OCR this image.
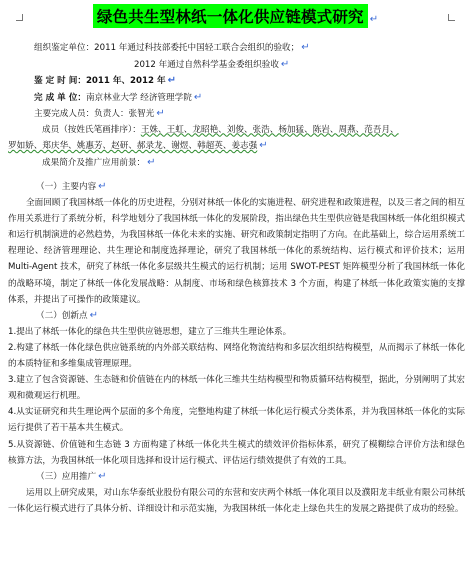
绿色共生型林纸一体化供应链模式研究 ↵
组织鉴定单位：2011 年通过科技部委托中国轻工联合会组织的验收； ↵
2012 年通过自然科学基金委组织验收 ↵
鉴 定 时 间：2011 年、2012 年 ↵
完 成 单 位：南京林业大学 经济管理学院 ↵
主要完成人员：负责人：张智光 ↵
成员（按姓氏笔画排序）：王姝、王虹、龙昭艳、刘俊、张浩、杨加猛、陈岩、周燕、范吾月、
罗如娇、郑庆华、姚惠芳、赵研、郝录龙、谢煜、韩超英、姜志强 ↵
成果简介及推广应用前景： ↵
（一）主要内容 ↵
全面回顾了我国林纸一体化的历史进程，分别对林纸一体化的实施进程、研究进程和政策进程，以及三者之间的相互作用关系进行了系统分析，科学地划分了我国林纸一体化的发展阶段，指出绿色共生型供应链是我国林纸一体化组织模式和运行机制演进的必然趋势，为我国林纸一体化未来的实施、研究和政策制定指明了方向。在此基础上，综合运用系统工程理论、经济管理理论、共生理论和制度选择理论，研究了我国林纸一体化的系统结构、运行模式和评价技术；运用 Multi-Agent 技术，研究了林纸一体化多层级共生模式的运行机制；运用 SWOT-PEST 矩阵模型分析了我国林纸一体化的战略环境，制定了林纸一体化发展战略：从制度、市场和绿色核算技术 3 个方面，构建了林纸一体化政策实施的支撑体系，并提出了可操作的政策建议。
（二）创新点 ↵
1.提出了林纸一体化的绿色共生型供应链思想，建立了三维共生理论体系。
2.构建了林纸一体化绿色供应链系统的内外部关联结构、网络化物流结构和多层次组织结构模型，从而揭示了林纸一体化的本质特征和多维集成管理原理。
3.建立了包含资源链、生态链和价值链在内的林纸一体化三维共生结构模型和物质循环结构模型，据此，分别阐明了其宏观和微观运行机理。
4.从实证研究和共生理论两个层面的多个角度，完整地构建了林纸一体化运行模式分类体系，并为我国林纸一体化的实际运行提供了若干基本共生模式。
5.从资源链、价值链和生态链 3 方面构建了林纸一体化共生模式的绩效评价指标体系，研究了模糊综合评价方法和绿色核算方法，为我国林纸一体化项目选择和设计运行模式、评估运行绩效提供了有效的工具。
（三）应用推广 ↵
运用以上研究成果，对山东华泰纸业股份有限公司的东营和安庆两个林纸一体化项目以及濮阳龙丰纸业有限公司林纸一体化运行模式进行了具体分析、详细设计和示范实施，为我国林纸一体化走上绿色共生的发展之路提供了成功的经验。
